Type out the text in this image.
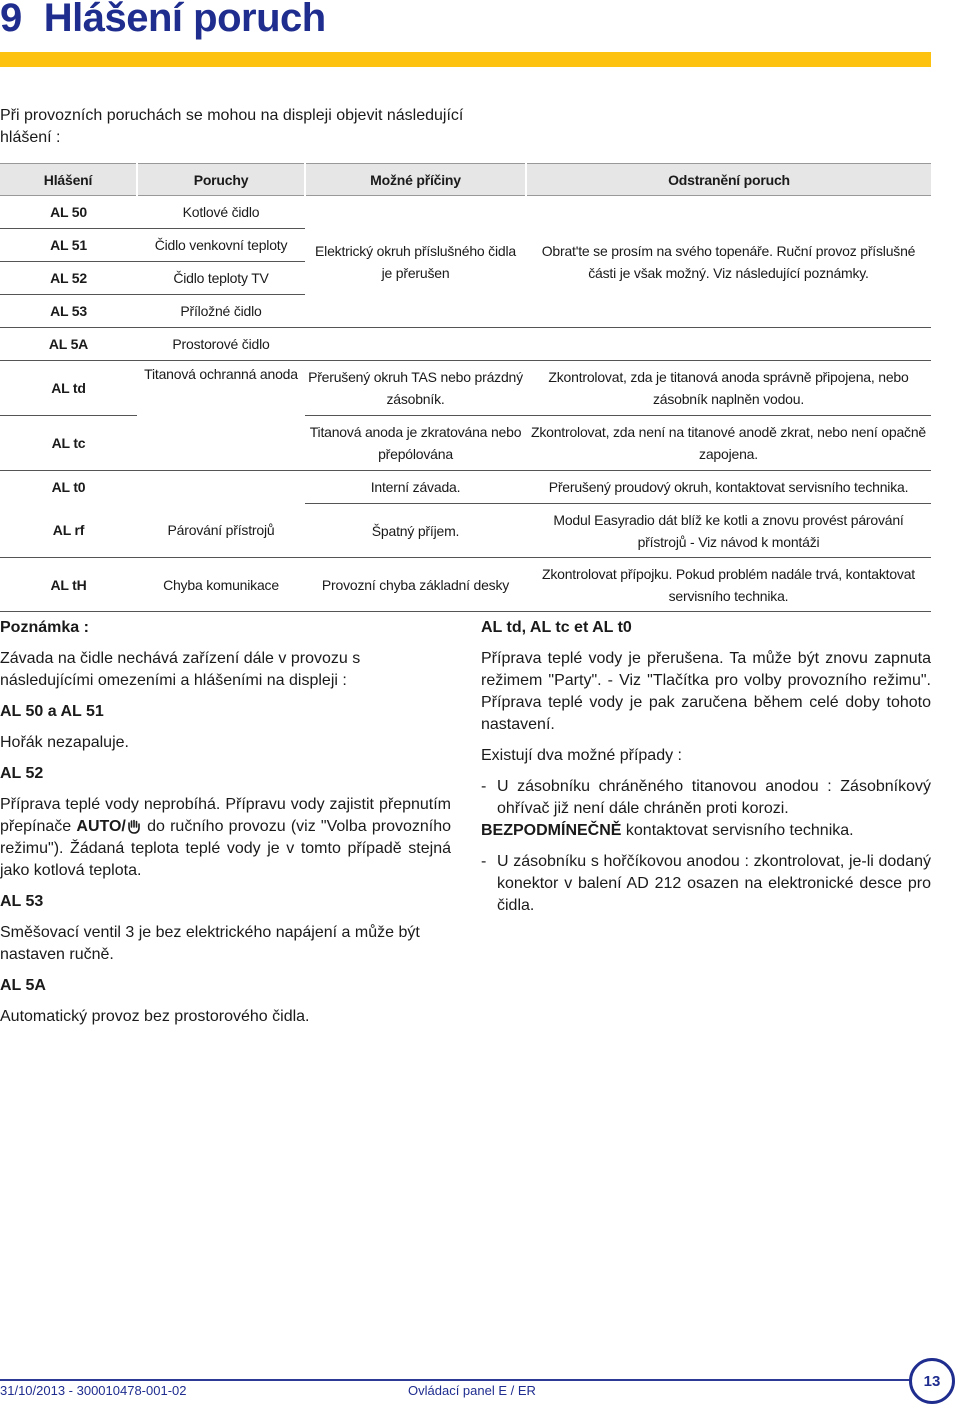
9 Hlášení poruch
Při provozních poruchách se mohou na displeji objevit následující hlášení :
Hlášení	Poruchy	Možné příčiny	Odstranění poruch
AL 50	Kotlové čidlo	Elektrický okruh příslušného čidla je přerušen	Obrat'te se prosím na svého topenáře. Ruční provoz příslušné části je však možný. Viz následující poznámky.
AL 51	Čidlo venkovní teploty		
AL 52	Čidlo teploty TV		
AL 53	Příložné čidlo		
AL 5A	Prostorové čidlo		
AL td	Titanová ochranná anoda	Přerušený okruh TAS nebo prázdný zásobník.	Zkontrolovat, zda je titanová anoda správně připojena, nebo zásobník naplněn vodou.
AL tc		Titanová anoda je zkratována nebo přepólována	Zkontrolovat, zda není na titanové anodě zkrat, nebo není opačně zapojena.
AL t0		Interní závada.	Přerušený proudový okruh, kontaktovat servisního technika.
AL rf	Párování přístrojů	Špatný příjem.	Modul Easyradio dát blíž ke kotli a znovu provést párování přístrojů - Viz návod k montáži
AL tH	Chyba komunikace	Provozní chyba základní desky	Zkontrolovat přípojku. Pokud problém nadále trvá, kontaktovat servisního technika.

Poznámka :

Závada na čidle nechává zařízení dále v provozu s následujícími omezeními a hlášeními na displeji :

AL 50 a AL 51

Hořák nezapaluje.

AL 52

Příprava teplé vody neprobíhá. Přípravu vody zajistit přepnutím přepínače AUTO/ do ručního provozu (viz "Volba provozního režimu"). Žádaná teplota teplé vody je v tomto případě stejná jako kotlová teplota.

AL 53

Směšovací ventil 3 je bez elektrického napájení a může být nastaven ručně.

AL 5A

Automatický provoz bez prostorového čidla.

AL td, AL tc et AL t0

Příprava teplé vody je přerušena. Ta může být znovu zapnuta režimem "Party". - Viz "Tlačítka pro volby provozního režimu". Příprava teplé vody je pak zaručena během celé doby tohoto nastavení.

Existují dva možné případy :

- U zásobníku chráněného titanovou anodou : Zásobníkový ohřívač již není dále chráněn proti korozi.
BEZPODMÍNEČNĚ kontaktovat servisního technika.
- U zásobníku s hořčíkovou anodou : zkontrolovat, je-li dodaný konektor v balení AD 212 osazen na elektronické desce pro čidla.
31/10/2013 - 300010478-001-02	Ovládací panel E / ER
13
